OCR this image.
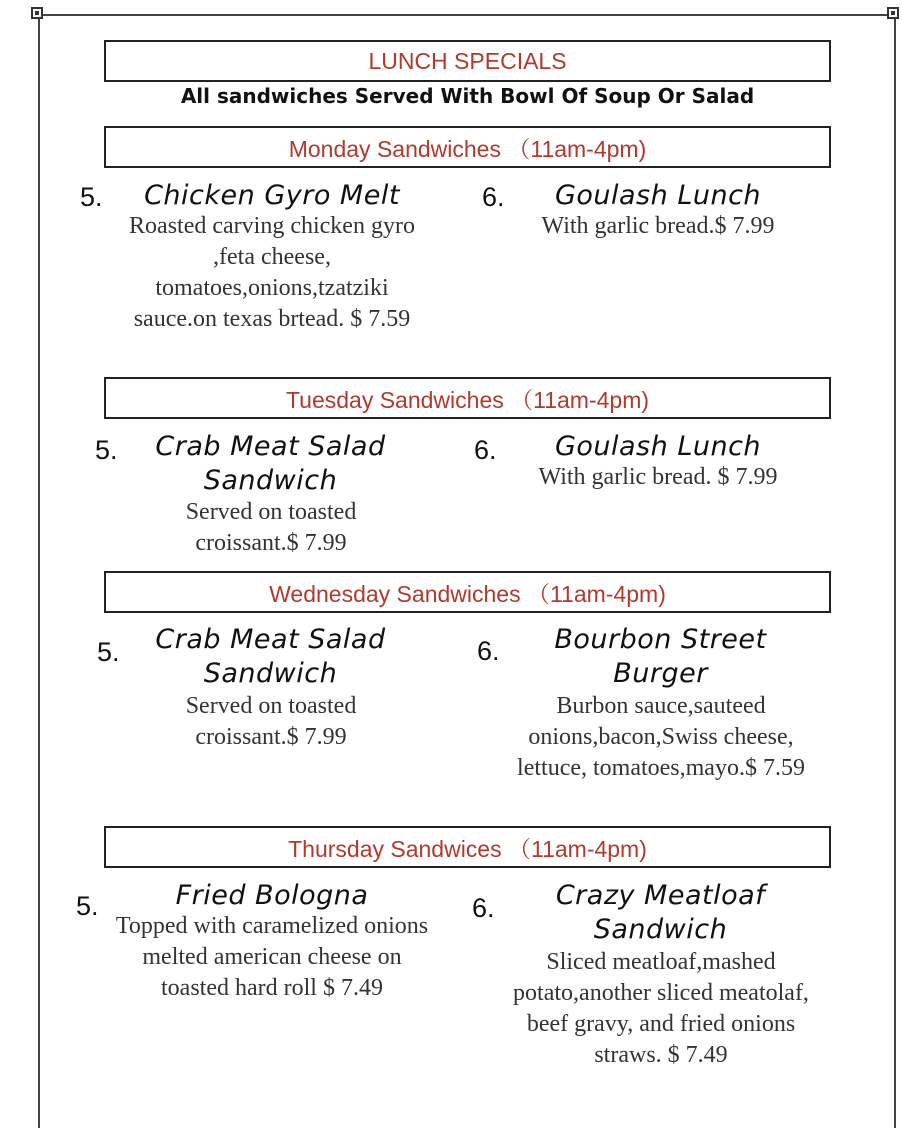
LUNCH SPECIALS
All sandwiches Served With Bowl Of Soup Or Salad
Monday Sandwiches （11am-4pm)
5.	Chicken Gyro Melt
Roasted carving chicken gyro ,feta cheese, tomatoes,onions,tzatziki sauce.on texas brtead. $ 7.59
6.	Goulash Lunch
With garlic bread.$ 7.99
Tuesday Sandwiches （11am-4pm)
5.	Crab Meat Salad Sandwich
Served on toasted croissant.$ 7.99
6.	Goulash Lunch
With garlic bread. $ 7.99
Wednesday Sandwiches （11am-4pm)
5.	Crab Meat Salad Sandwich
Served on toasted croissant.$ 7.99
6.	Bourbon Street Burger
Burbon sauce,sauteed onions,bacon,Swiss cheese, lettuce, tomatoes,mayo.$ 7.59
Thursday Sandwices （11am-4pm)
5.	Fried Bologna
Topped with caramelized onions melted american cheese on toasted hard roll $ 7.49
6.	Crazy Meatloaf Sandwich
Sliced meatloaf,mashed potato,another sliced meatolaf, beef gravy, and fried onions straws. $ 7.49
